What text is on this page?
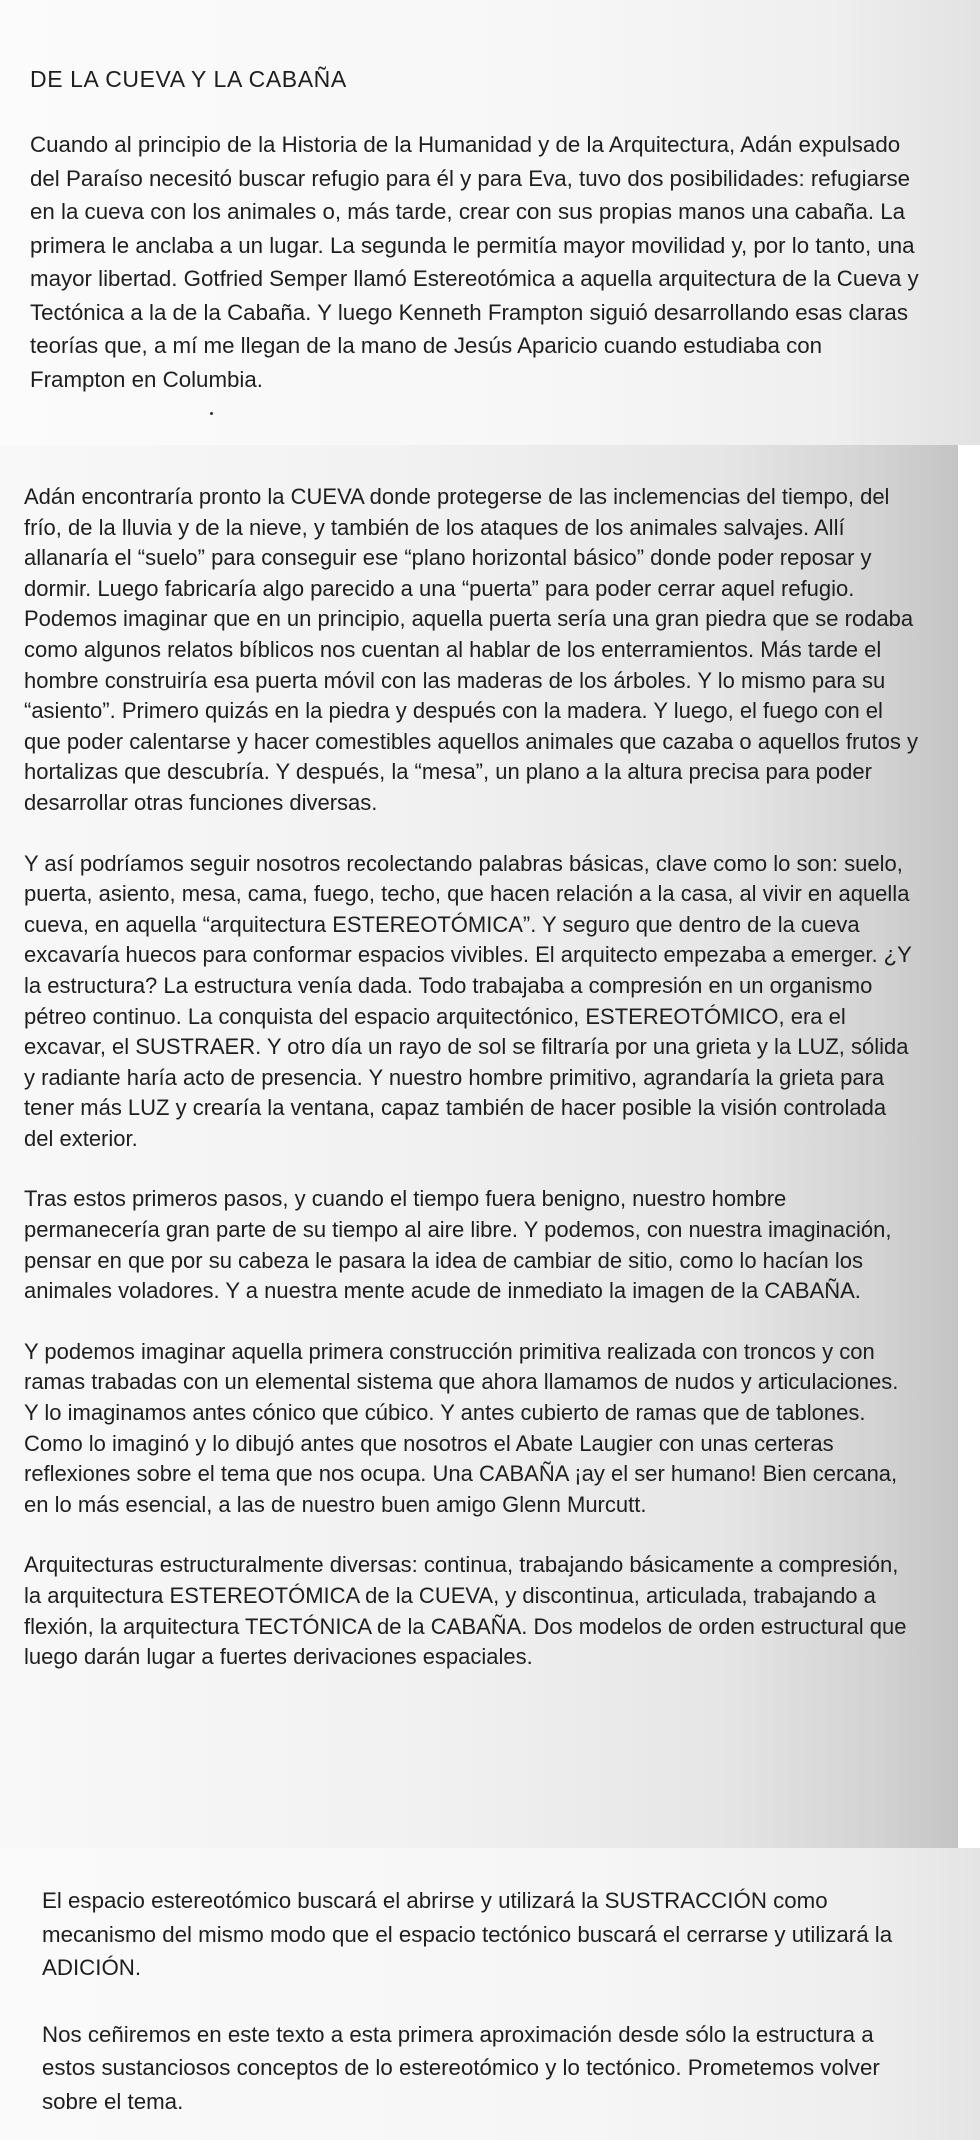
DE LA CUEVA Y LA CABAÑA

Cuando al principio de la Historia de la Humanidad y de la Arquitectura, Adán expulsado del Paraíso necesitó buscar refugio para él y para Eva, tuvo dos posibilidades: refugiarse en la cueva con los animales o, más tarde, crear con sus propias manos una cabaña. La primera le anclaba a un lugar. La segunda le permitía mayor movilidad y, por lo tanto, una mayor libertad. Gotfried Semper llamó Estereotómica a aquella arquitectura de la Cueva y Tectónica a la de la Cabaña. Y luego Kenneth Frampton siguió desarrollando esas claras teorías que, a mí me llegan de la mano de Jesús Aparicio cuando estudiaba con Frampton en Columbia.

Adán encontraría pronto la CUEVA donde protegerse de las inclemencias del tiempo, del frío, de la lluvia y de la nieve, y también de los ataques de los animales salvajes. Allí allanaría el “suelo” para conseguir ese “plano horizontal básico” donde poder reposar y dormir. Luego fabricaría algo parecido a una “puerta” para poder cerrar aquel refugio. Podemos imaginar que en un principio, aquella puerta sería una gran piedra que se rodaba como algunos relatos bíblicos nos cuentan al hablar de los enterramientos. Más tarde el hombre construiría esa puerta móvil con las maderas de los árboles. Y lo mismo para su “asiento”. Primero quizás en la piedra y después con la madera. Y luego, el fuego con el que poder calentarse y hacer comestibles aquellos animales que cazaba o aquellos frutos y hortalizas que descubría. Y después, la “mesa”, un plano a la altura precisa para poder desarrollar otras funciones diversas.

Y así podríamos seguir nosotros recolectando palabras básicas, clave como lo son: suelo, puerta, asiento, mesa, cama, fuego, techo, que hacen relación a la casa, al vivir en aquella cueva, en aquella “arquitectura ESTEREOTÓMICA”. Y seguro que dentro de la cueva excavaría huecos para conformar espacios vivibles. El arquitecto empezaba a emerger. ¿Y la estructura? La estructura venía dada. Todo trabajaba a compresión en un organismo pétreo continuo. La conquista del espacio arquitectónico, ESTEREOTÓMICO, era el excavar, el SUSTRAER. Y otro día un rayo de sol se filtraría por una grieta y la LUZ, sólida y radiante haría acto de presencia. Y nuestro hombre primitivo, agrandaría la grieta para tener más LUZ y crearía la ventana, capaz también de hacer posible la visión controlada del exterior.

Tras estos primeros pasos, y cuando el tiempo fuera benigno, nuestro hombre permanecería gran parte de su tiempo al aire libre. Y podemos, con nuestra imaginación, pensar en que por su cabeza le pasara la idea de cambiar de sitio, como lo hacían los animales voladores. Y a nuestra mente acude de inmediato la imagen de la CABAÑA.

Y podemos imaginar aquella primera construcción primitiva realizada con troncos y con ramas trabadas con un elemental sistema que ahora llamamos de nudos y articulaciones. Y lo imaginamos antes cónico que cúbico. Y antes cubierto de ramas que de tablones. Como lo imaginó y lo dibujó antes que nosotros el Abate Laugier con unas certeras reflexiones sobre el tema que nos ocupa. Una CABAÑA ¡ay el ser humano! Bien cercana, en lo más esencial, a las de nuestro buen amigo Glenn Murcutt.

Arquitecturas estructuralmente diversas: continua, trabajando básicamente a compresión, la arquitectura ESTEREOTÓMICA de la CUEVA, y discontinua, articulada, trabajando a flexión, la arquitectura TECTÓNICA de la CABAÑA. Dos modelos de orden estructural que luego darán lugar a fuertes derivaciones espaciales.

El espacio estereotómico buscará el abrirse y utilizará la SUSTRACCIÓN como mecanismo del mismo modo que el espacio tectónico buscará el cerrarse y utilizará la ADICIÓN.

Nos ceñiremos en este texto a esta primera aproximación desde sólo la estructura a estos sustanciosos conceptos de lo estereotómico y lo tectónico. Prometemos volver sobre el tema.
